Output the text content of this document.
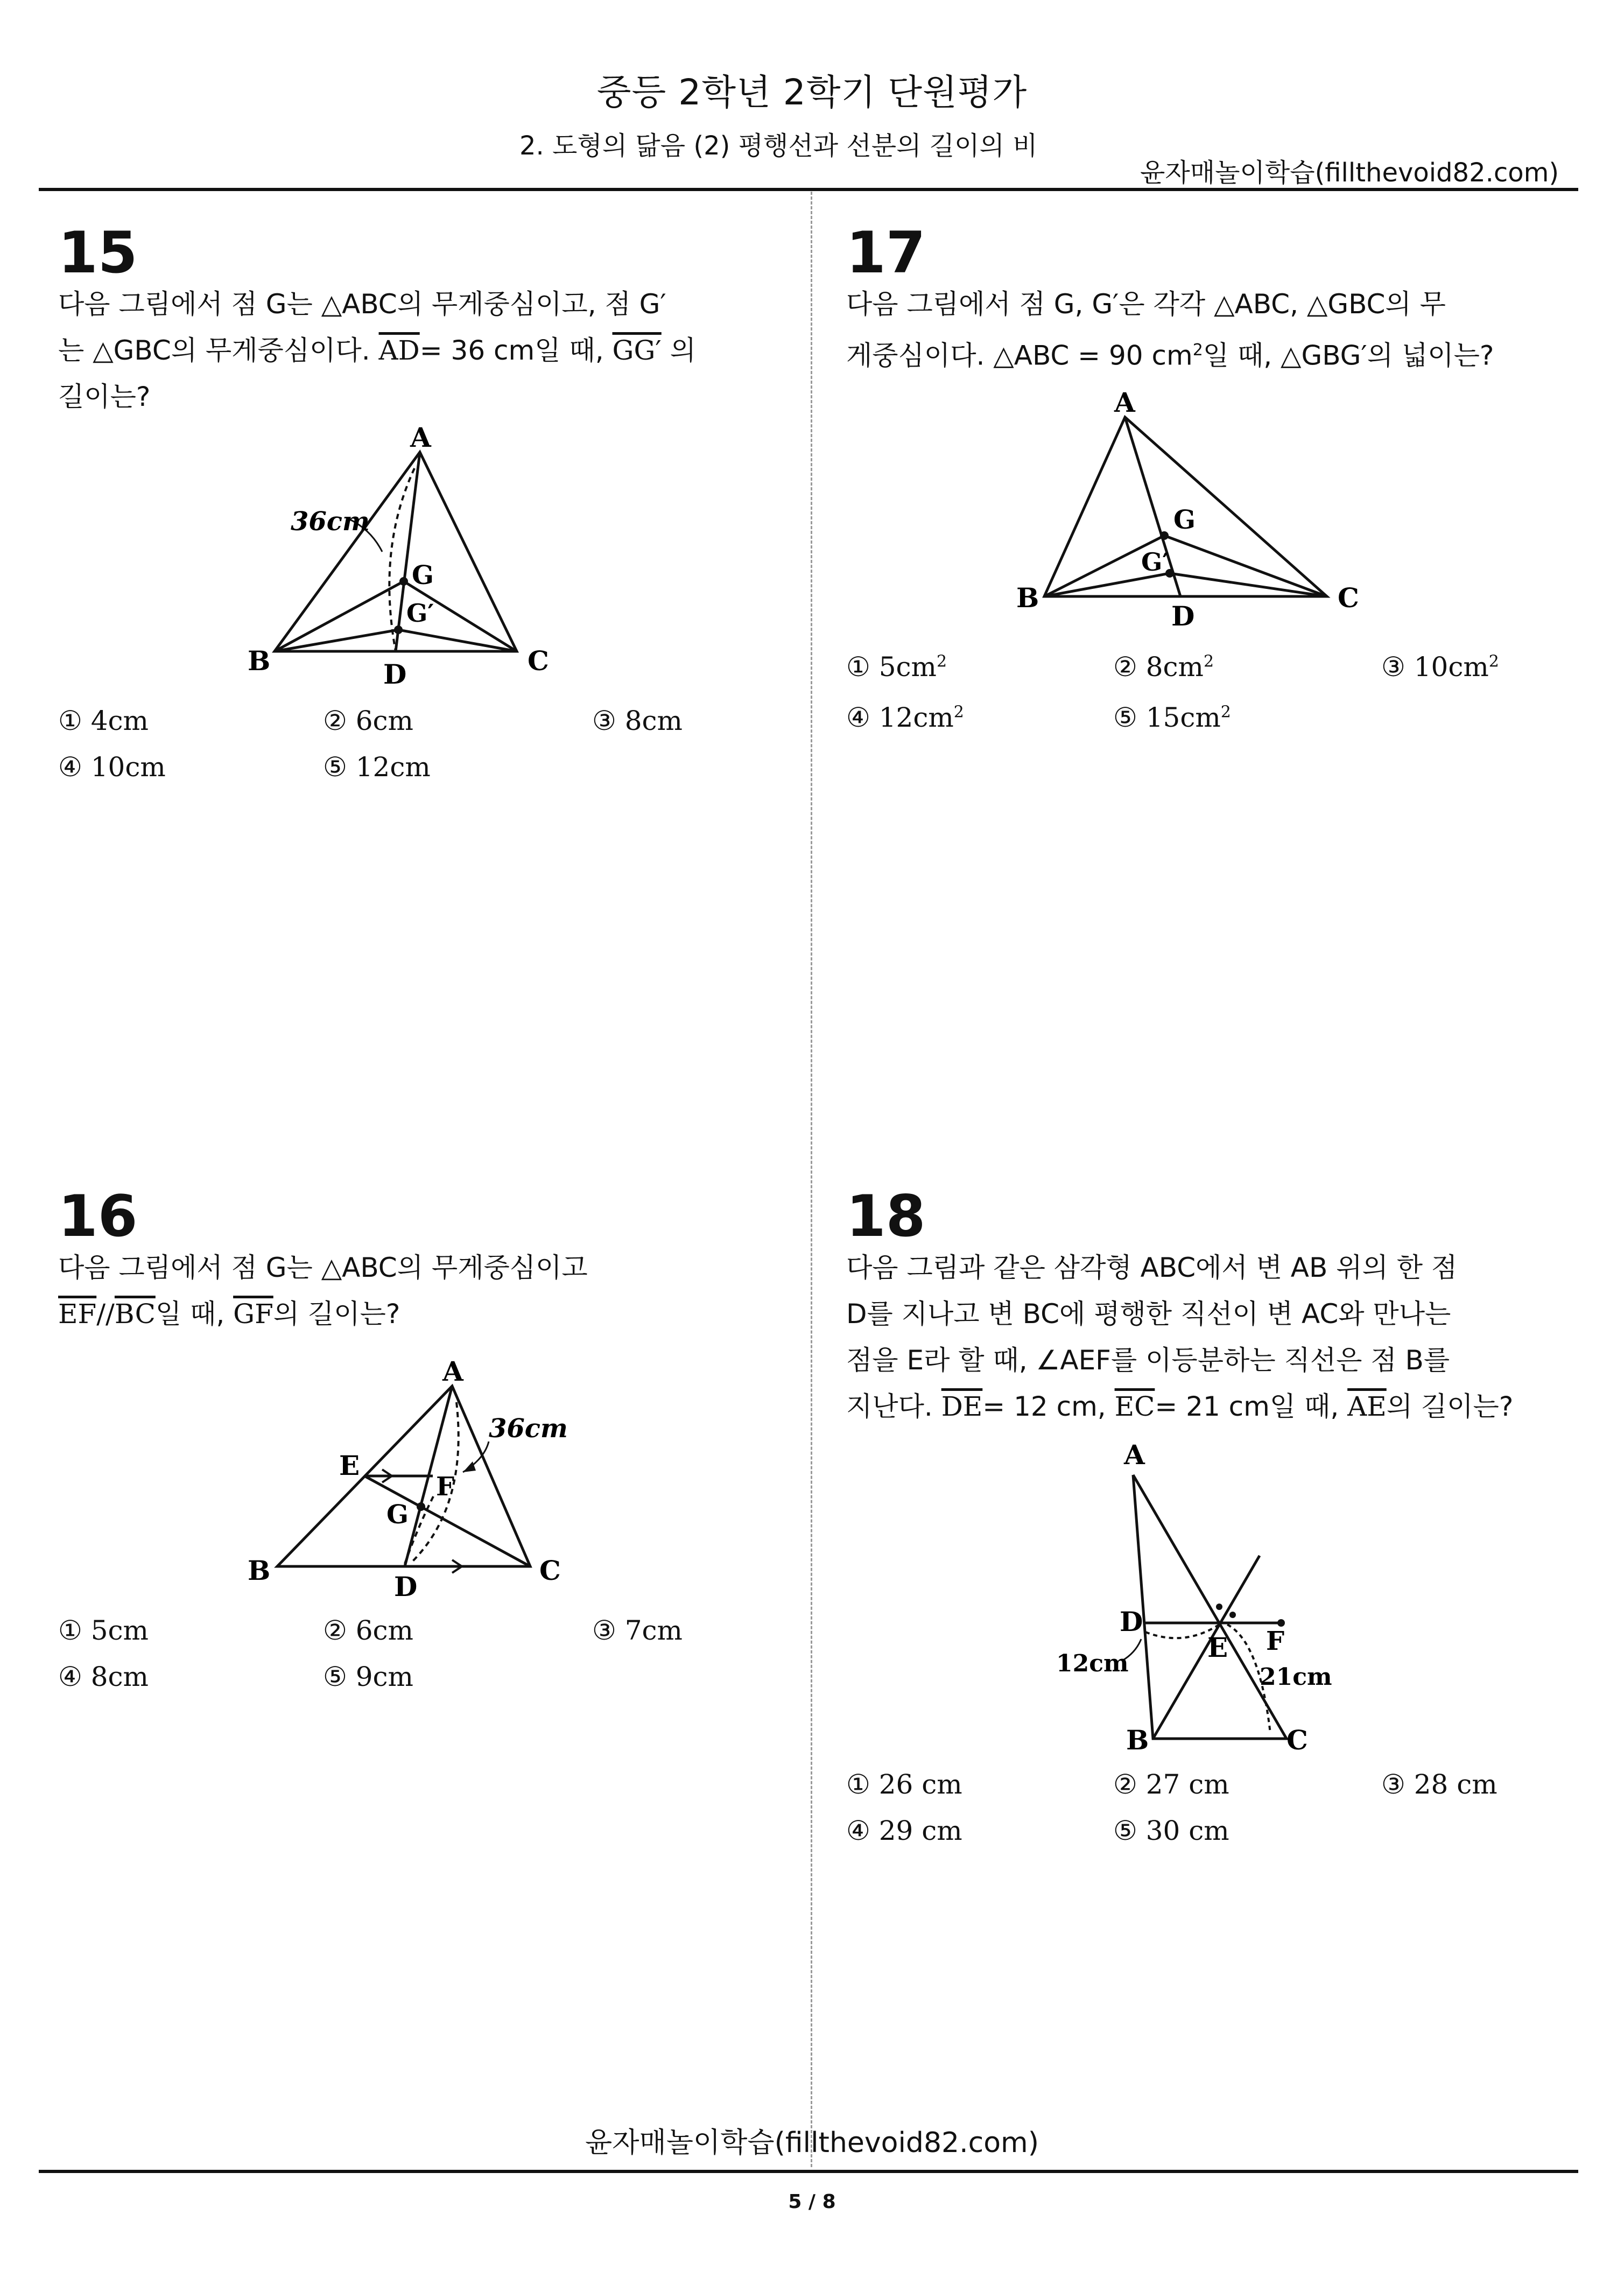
중등 2학년 2학기 단원평가
2. 도형의 닮음 (2) 평행선과 선분의 길이의 비
윤자매놀이학습(fillthevoid82.com)
15
다음 그림에서 점 G는 △ABC의 무게중심이고, 점 G′
는 △GBC의 무게중심이다. $\overline{AD}= 36$ cm일 때, GG′ 의
길이는?
A
B	C
D
G
G′
36cm
① 4cm	② 6cm	③ 8cm
④ 10cm	⑤ 12cm
16
다음 그림에서 점 G는 △ABC의 무게중심이고
$\overline{EF}//\overline{BC}$일 때, $\overline{GF}$의 길이는?
A
B	C
D
E
F
G
36cm
① 5cm	② 6cm	③ 7cm
④ 8cm	⑤ 9cm
17
다음 그림에서 점 G, G′은 각각 △ABC, △GBC의 무
게중심이다. △ABC = 90 $cm^2$일 때, △GBG′의 넓이는?
A
B	C
D
G
G′
① $5cm^2$	② $8cm^2$	③ $10cm^2$
④ $12cm^2$	⑤ $15cm^2$
18
다음 그림과 같은 삼각형 ABC에서 변 AB 위의 한 점
D를 지나고 변 BC에 평행한 직선이 변 AC와 만나는
점을 E라 할 때, ∠AEF를 이등분하는 직선은 점 B를
지난다. $\overline{DE}= 12$ cm, $\overline{EC}= 21$ cm일 때, $\overline{AE}$의 길이는?
A
D
E F
B	C
12cm	21cm
① 26 cm	② 27 cm	③ 28 cm
④ 29 cm	⑤ 30 cm
윤자매놀이학습(fillthevoid82.com)
5 / 8
